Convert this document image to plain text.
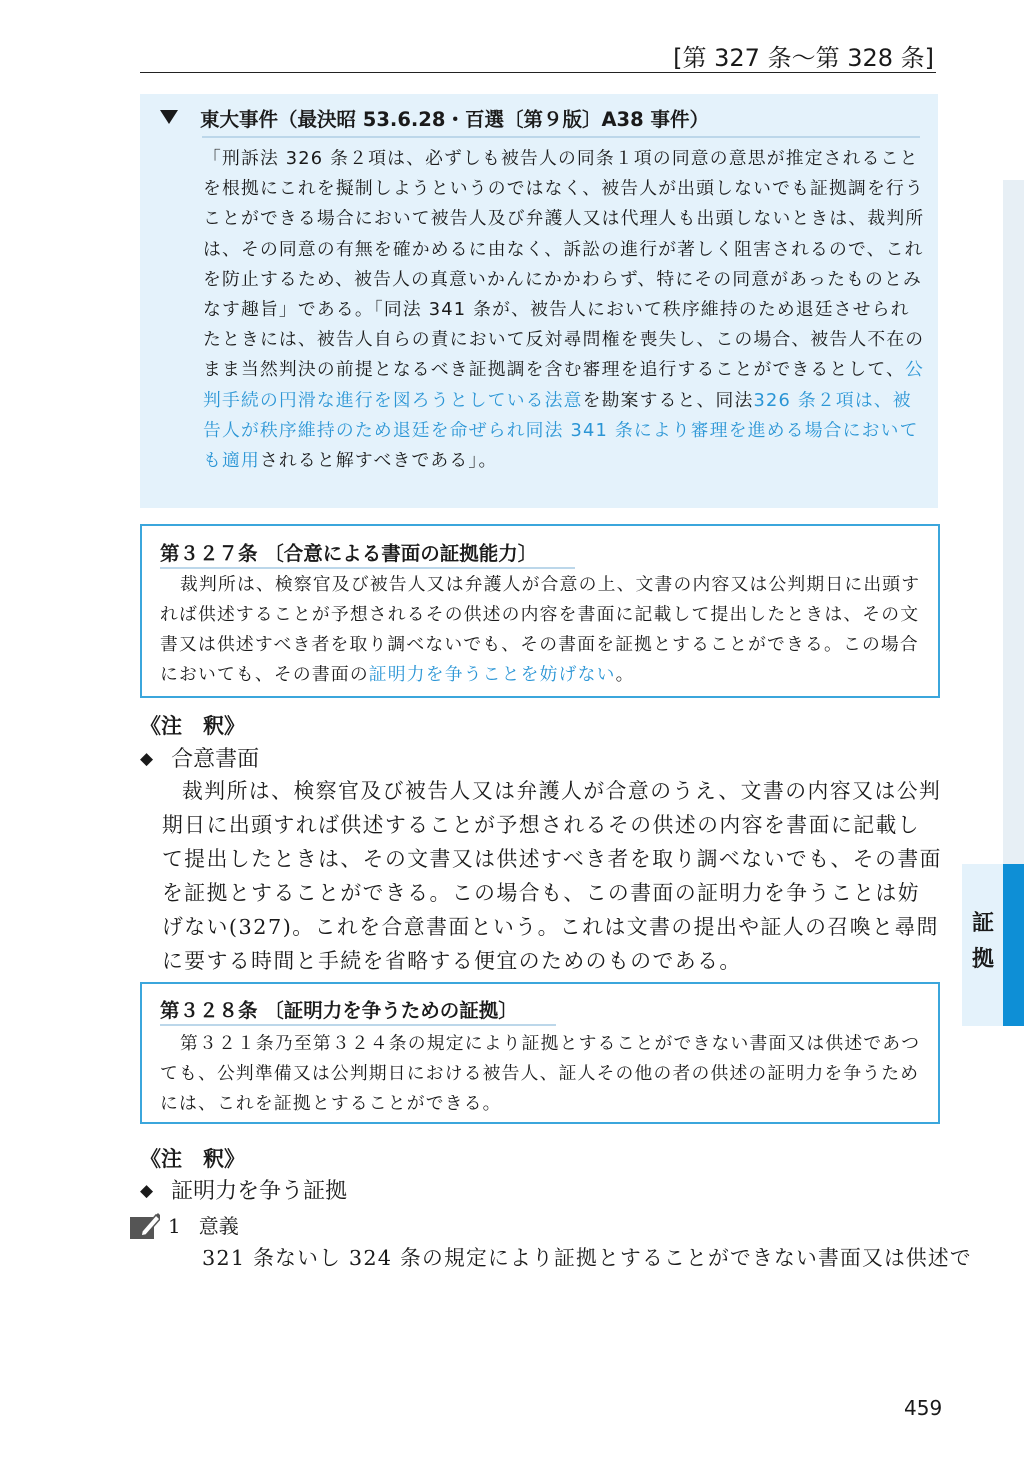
[第 327 条〜第 328 条]
証拠
東大事件（最決昭 53.6.28・百選〔第９版〕A38 事件）
「刑訴法 326 条２項は、必ずしも被告人の同条１項の同意の意思が推定されることを根拠にこれを擬制しようというのではなく、被告人が出頭しないでも証拠調を行うことができる場合において被告人及び弁護人又は代理人も出頭しないときは、裁判所は、その同意の有無を確かめるに由なく、訴訟の進行が著しく阻害されるので、これを防止するため、被告人の真意いかんにかかわらず、特にその同意があったものとみなす趣旨」である。「同法 341 条が、被告人において秩序維持のため退廷させられたときには、被告人自らの責において反対尋問権を喪失し、この場合、被告人不在のまま当然判決の前提となるべき証拠調を含む審理を追行することができるとして、公判手続の円滑な進行を図ろうとしている法意を勘案すると、同法326 条２項は、被告人が秩序維持のため退廷を命ぜられ同法 341 条により審理を進める場合においても適用されると解すべきである」。
第３２７条 〔合意による書面の証拠能力〕
裁判所は、検察官及び被告人又は弁護人が合意の上、文書の内容又は公判期日に出頭すれば供述することが予想されるその供述の内容を書面に記載して提出したときは、その文書又は供述すべき者を取り調べないでも、その書面を証拠とすることができる。この場合においても、その書面の証明力を争うことを妨げない。
《注　釈》
◆ 合意書面
裁判所は、検察官及び被告人又は弁護人が合意のうえ、文書の内容又は公判期日に出頭すれば供述することが予想されるその供述の内容を書面に記載して提出したときは、その文書又は供述すべき者を取り調べないでも、その書面を証拠とすることができる。この場合も、この書面の証明力を争うことは妨げない(327)。これを合意書面という。これは文書の提出や証人の召喚と尋問に要する時間と手続を省略する便宜のためのものである。
第３２８条 〔証明力を争うための証拠〕
第３２１条乃至第３２４条の規定により証拠とすることができない書面又は供述であつても、公判準備又は公判期日における被告人、証人その他の者の供述の証明力を争うためには、これを証拠とすることができる。
《注　釈》
◆ 証明力を争う証拠
1 意義
321 条ないし 324 条の規定により証拠とすることができない書面又は供述で
459
